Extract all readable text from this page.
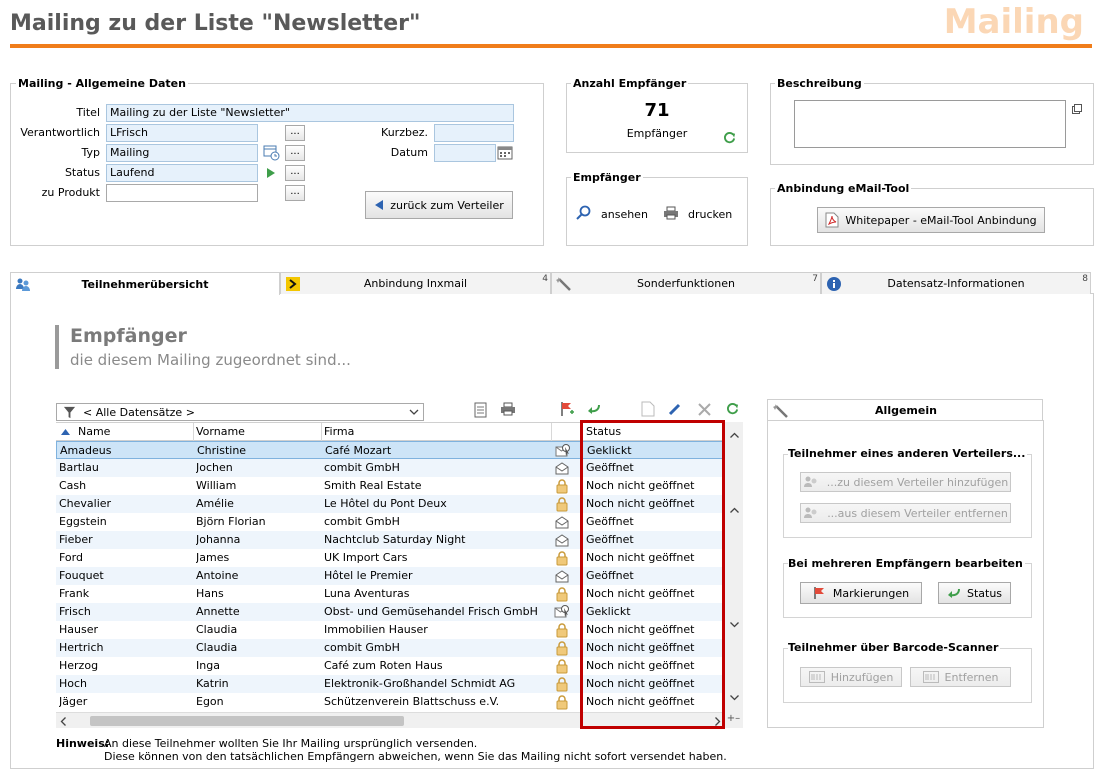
Mailing zu der Liste "Newsletter"	Mailing
Mailing - Allgemeine Daten
Titel Mailing zu der Liste "Newsletter"
Verantwortlich LFrisch	...
Typ Mailing	...
Status Laufend	...
zu Produkt	...
Kurzbez.
Datum
zurück zum Verteiler
Anzahl Empfänger
71
Empfänger
Empfänger
ansehen	drucken
Beschreibung
Anbindung eMail-Tool
Whitepaper - eMail-Tool Anbindung
Teilnehmerübersicht	Anbindung Inxmail	4	Sonderfunktionen	7	Datensatz-Informationen	8
Empfänger
die diesem Mailing zugeordnet sind...
< Alle Datensätze >
Name	Vorname	Firma	Status
Amadeus	Christine	Café Mozart	Geklickt
Bartlau	Jochen	combit GmbH	Geöffnet
Cash	William	Smith Real Estate	Noch nicht geöffnet
Chevalier	Amélie	Le Hôtel du Pont Deux	Noch nicht geöffnet
Eggstein	Björn Florian	combit GmbH	Geöffnet
Fieber	Johanna	Nachtclub Saturday Night	Geöffnet
Ford	James	UK Import Cars	Noch nicht geöffnet
Fouquet	Antoine	Hôtel le Premier	Geöffnet
Frank	Hans	Luna Aventuras	Noch nicht geöffnet
Frisch	Annette	Obst- und Gemüsehandel Frisch GmbH	Geklickt
Hauser	Claudia	Immobilien Hauser	Noch nicht geöffnet
Hertrich	Claudia	combit GmbH	Noch nicht geöffnet
Herzog	Inga	Café zum Roten Haus	Noch nicht geöffnet
Hoch	Katrin	Elektronik-Großhandel Schmidt AG	Noch nicht geöffnet
Jäger	Egon	Schützenverein Blattschuss e.V.	Noch nicht geöffnet
+–
Allgemein
Teilnehmer eines anderen Verteilers...
...zu diesem Verteiler hinzufügen
...aus diesem Verteiler entfernen
Bei mehreren Empfängern bearbeiten
Markierungen	Status
Teilnehmer über Barcode-Scanner
Hinzufügen	Entfernen
Hinweis:
An diese Teilnehmer wollten Sie Ihr Mailing ursprünglich versenden.
Diese können von den tatsächlichen Empfängern abweichen, wenn Sie das Mailing nicht sofort versendet haben.
